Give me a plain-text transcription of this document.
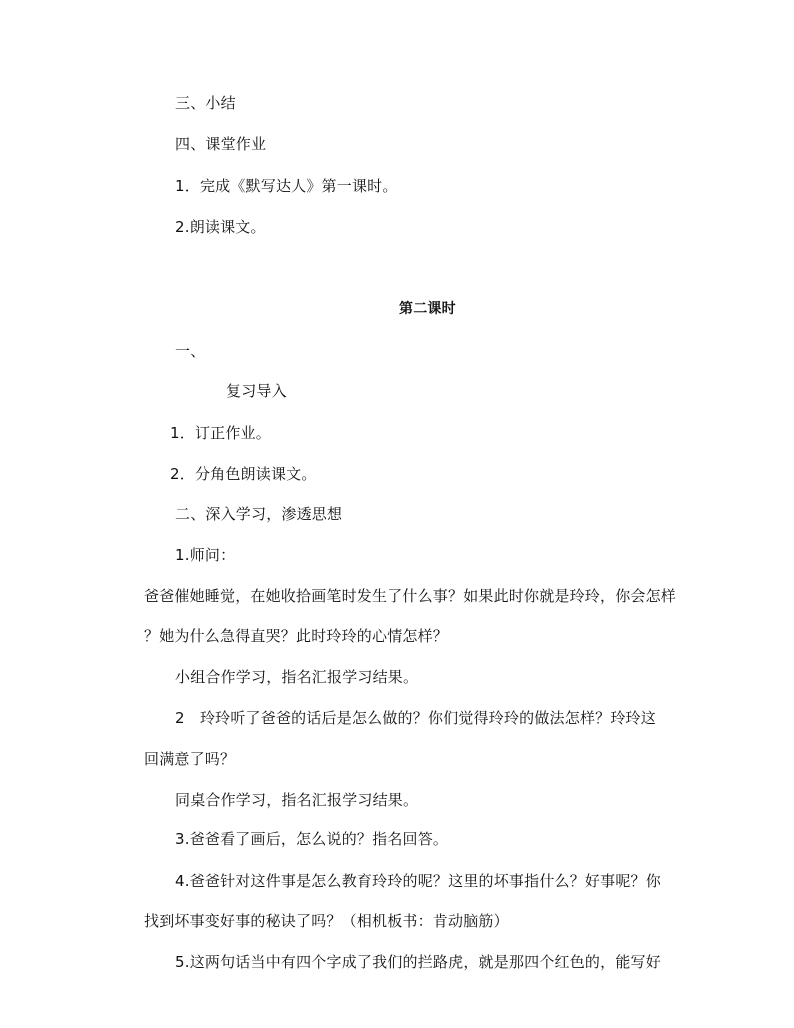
三、小结
四、课堂作业
1．完成《默写达人》第一课时。
2.朗读课文。
第二课时
一、
复习导入
1．订正作业。
2．分角色朗读课文。
二、深入学习，渗透思想
1.师问：
爸爸催她睡觉，在她收拾画笔时发生了什么事？如果此时你就是玲玲，你会怎样
？她为什么急得直哭？此时玲玲的心情怎样？
小组合作学习，指名汇报学习结果。
2　玲玲听了爸爸的话后是怎么做的？你们觉得玲玲的做法怎样？玲玲这
回满意了吗？
同桌合作学习，指名汇报学习结果。
3.爸爸看了画后，怎么说的？指名回答。
4.爸爸针对这件事是怎么教育玲玲的呢？这里的坏事指什么？好事呢？你
找到坏事变好事的秘诀了吗？（相机板书：肯动脑筋）
5.这两句话当中有四个字成了我们的拦路虎，就是那四个红色的，能写好
